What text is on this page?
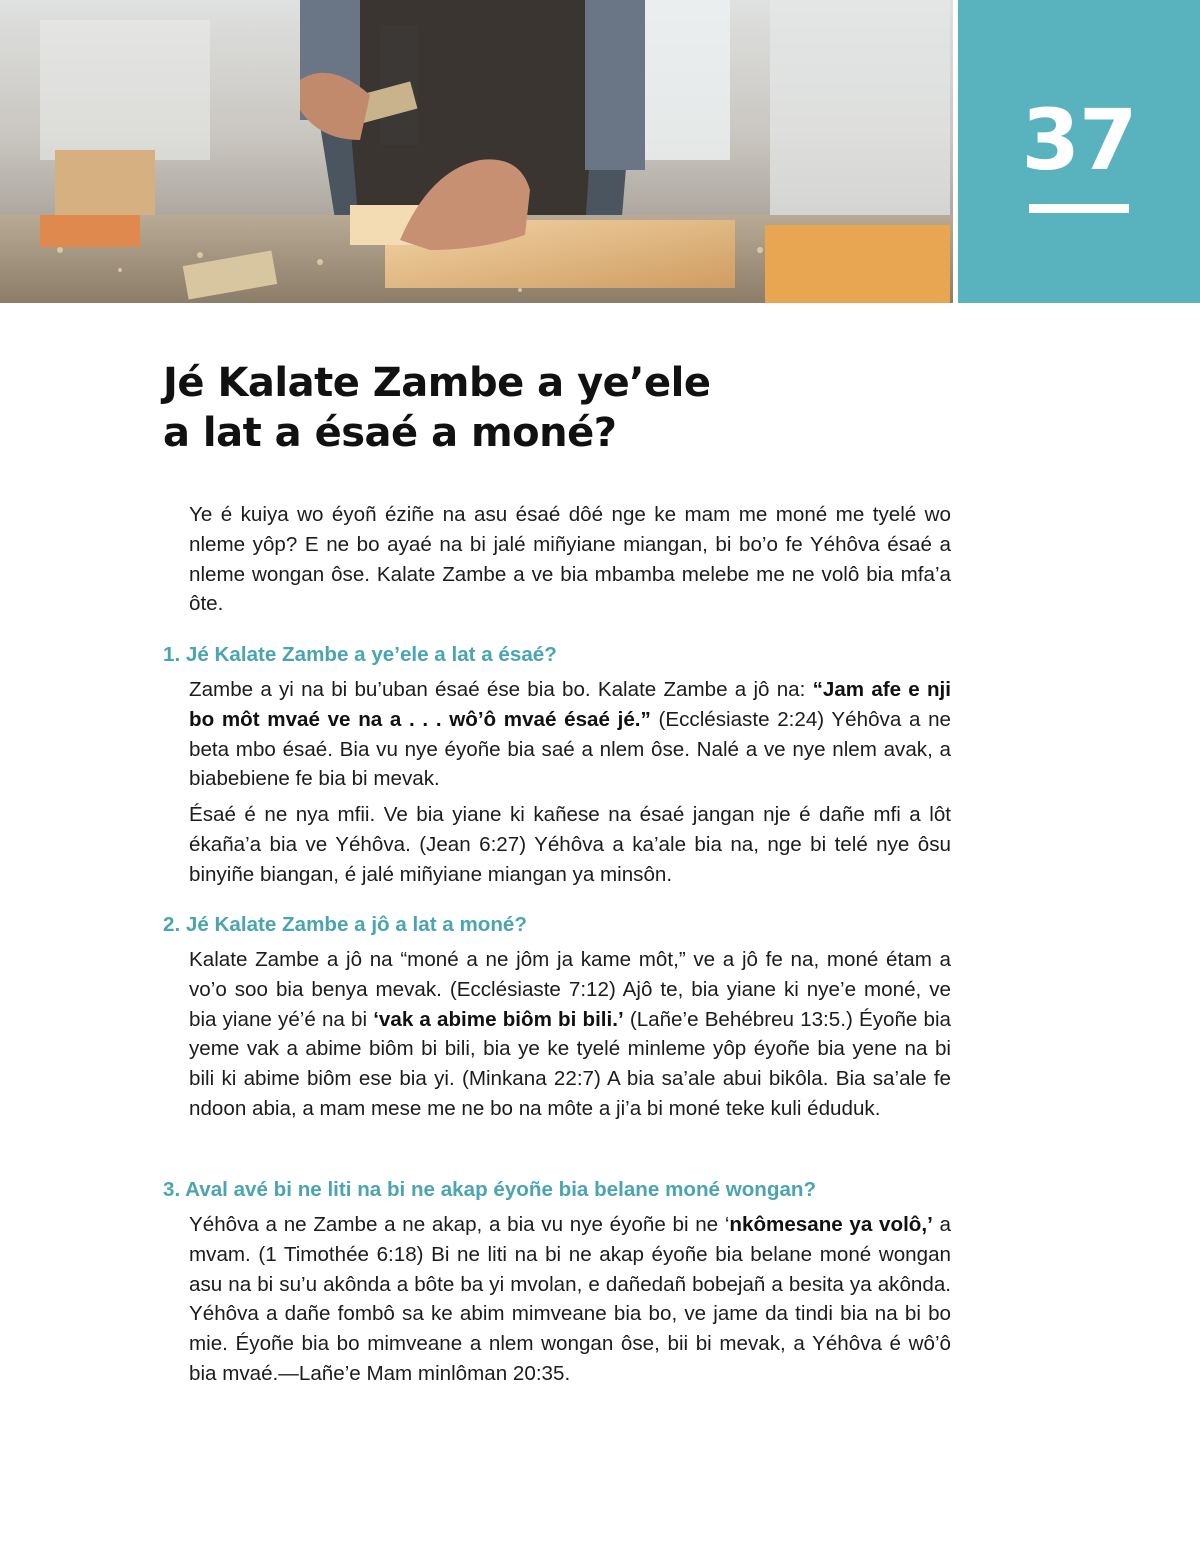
37
Jé Kalate Zambe a ye’ele
a lat a ésaé a moné?

Ye é kuiya wo éyoñ éziñe na asu ésaé dôé nge ke mam me moné me tyelé wo nleme yôp? E ne bo ayaé na bi jalé miñyiane miangan, bi bo’o fe Yéhôva ésaé a nleme wongan ôse. Kalate Zambe a ve bia mbamba melebe me ne volô bia mfa’a ôte.

1. Jé Kalate Zambe a ye’ele a lat a ésaé?

Zambe a yi na bi bu’uban ésaé ése bia bo. Kalate Zambe a jô na: “Jam afe e nji bo môt mvaé ve na a . . . wô’ô mvaé ésaé jé.” (Ecclésiaste 2:24) Yéhôva a ne beta mbo ésaé. Bia vu nye éyoñe bia saé a nlem ôse. Nalé a ve nye nlem avak, a biabebiene fe bia bi mevak.

Ésaé é ne nya mfii. Ve bia yiane ki kañese na ésaé jangan nje é dañe mfi a lôt ékaña’a bia ve Yéhôva. (Jean 6:27) Yéhôva a ka’ale bia na, nge bi telé nye ôsu binyiñe biangan, é jalé miñyiane miangan ya minsôn.

2. Jé Kalate Zambe a jô a lat a moné?

Kalate Zambe a jô na “moné a ne jôm ja kame môt,” ve a jô fe na, moné étam a vo’o soo bia benya mevak. (Ecclésiaste 7:12) Ajô te, bia yiane ki nye’e moné, ve bia yiane yé’é na bi ‘vak a abime biôm bi bili.’ (Lañe’e Behébreu 13:5.) Éyoñe bia yeme vak a abime biôm bi bili, bia ye ke tyelé minleme yôp éyoñe bia yene na bi bili ki abime biôm ese bia yi. (Minkana 22:7) A bia sa’ale abui bikôla. Bia sa’ale fe ndoon abia, a mam mese me ne bo na môte a ji’a bi moné teke kuli éduduk.

3. Aval avé bi ne liti na bi ne akap éyoñe bia belane moné wongan?

Yéhôva a ne Zambe a ne akap, a bia vu nye éyoñe bi ne ‘nkômesane ya volô,’ a mvam. (1 Timothée 6:18) Bi ne liti na bi ne akap éyoñe bia belane moné wongan asu na bi su’u akônda a bôte ba yi mvolan, e dañedañ bobejañ a besita ya akônda. Yéhôva a dañe fombô sa ke abim mimveane bia bo, ve jame da tindi bia na bi bo mie. Éyoñe bia bo mimveane a nlem wongan ôse, bii bi mevak, a Yéhôva é wô’ô bia mvaé.—Lañe’e Mam minlôman 20:35.
